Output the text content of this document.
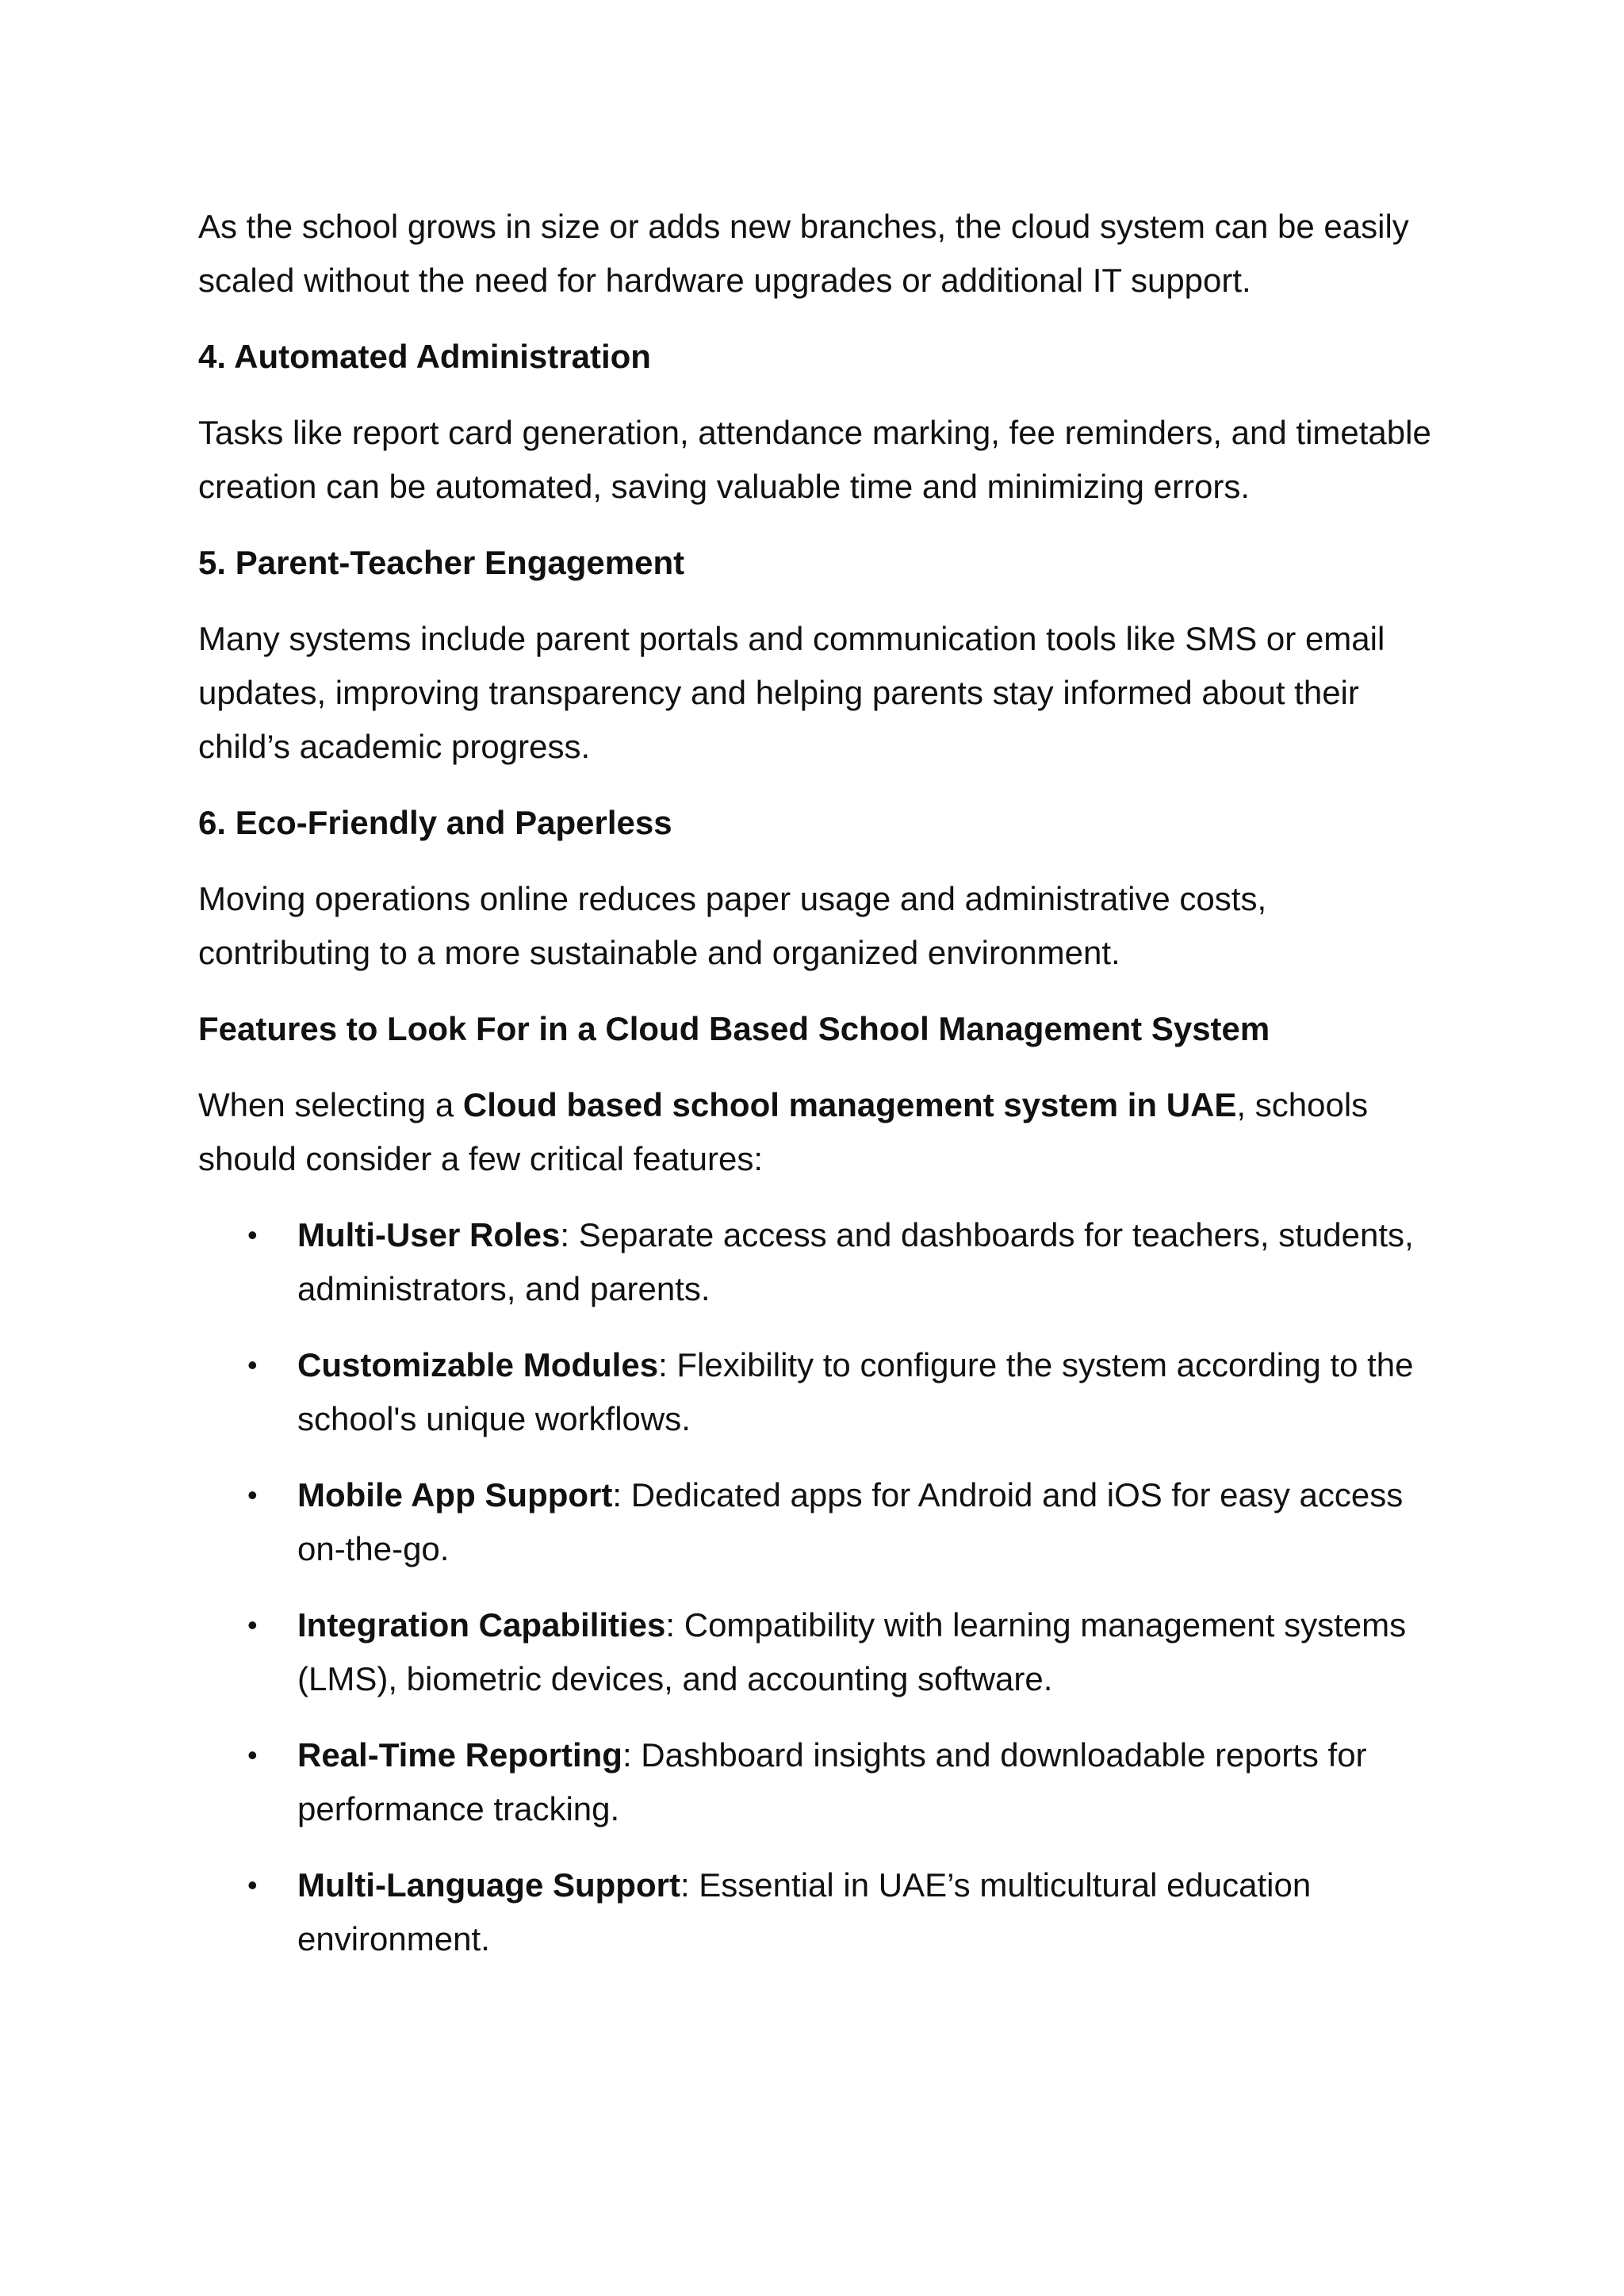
As the school grows in size or adds new branches, the cloud system can be easily scaled without the need for hardware upgrades or additional IT support.

4. Automated Administration

Tasks like report card generation, attendance marking, fee reminders, and timetable creation can be automated, saving valuable time and minimizing errors.

5. Parent-Teacher Engagement

Many systems include parent portals and communication tools like SMS or email updates, improving transparency and helping parents stay informed about their child’s academic progress.

6. Eco-Friendly and Paperless

Moving operations online reduces paper usage and administrative costs, contributing to a more sustainable and organized environment.

Features to Look For in a Cloud Based School Management System

When selecting a Cloud based school management system in UAE, schools should consider a few critical features:

• Multi-User Roles: Separate access and dashboards for teachers, students, administrators, and parents.
• Customizable Modules: Flexibility to configure the system according to the school's unique workflows.
• Mobile App Support: Dedicated apps for Android and iOS for easy access on-the-go.
• Integration Capabilities: Compatibility with learning management systems (LMS), biometric devices, and accounting software.
• Real-Time Reporting: Dashboard insights and downloadable reports for performance tracking.
• Multi-Language Support: Essential in UAE’s multicultural education environment.
